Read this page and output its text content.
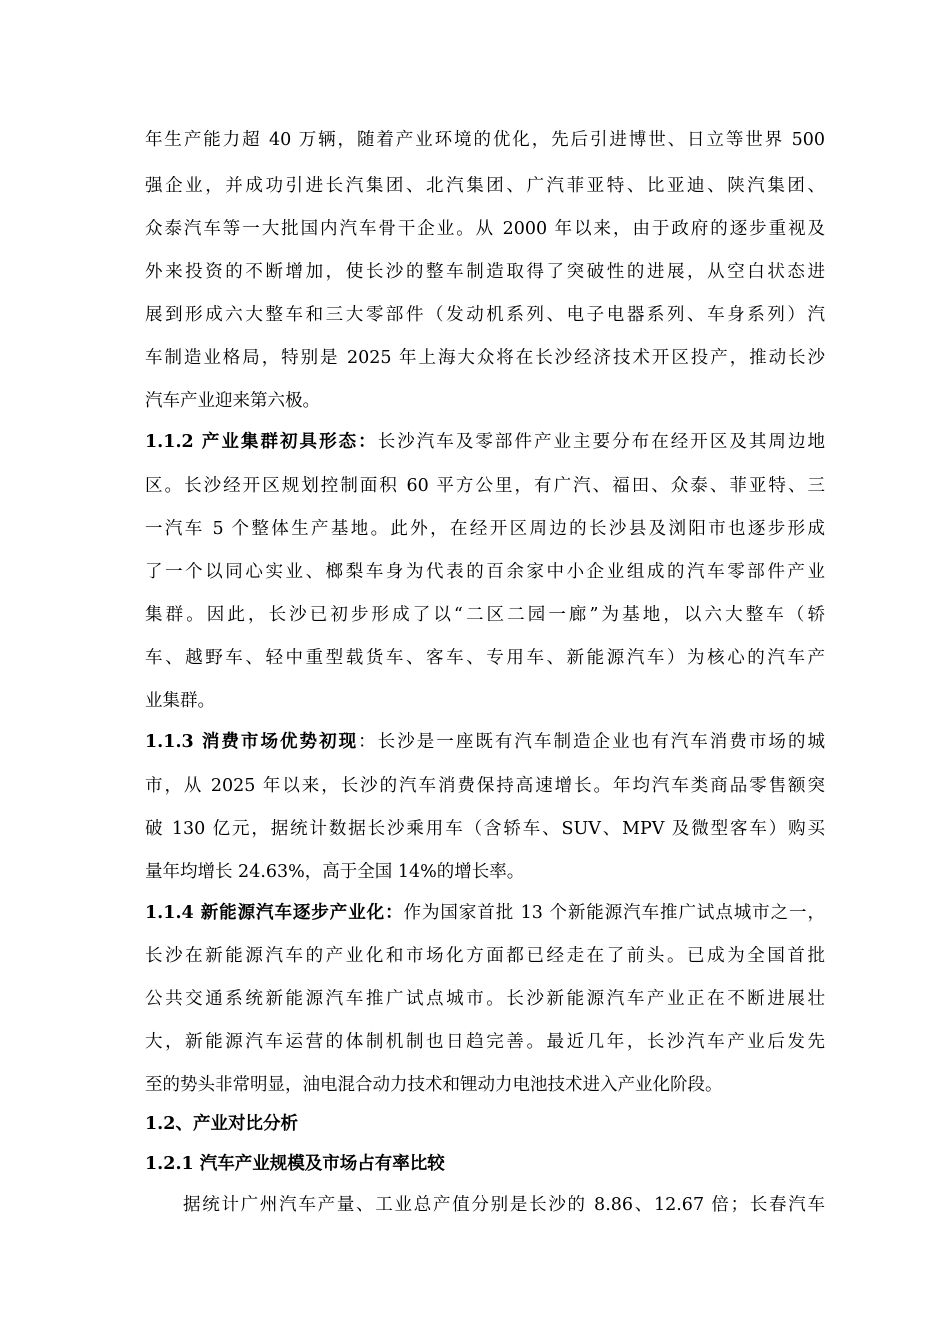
年生产能力超 40 万辆，随着产业环境的优化，先后引进博世、日立等世界 500
强企业，并成功引进长汽集团、北汽集团、广汽菲亚特、比亚迪、陕汽集团、
众泰汽车等一大批国内汽车骨干企业。从 2000 年以来，由于政府的逐步重视及
外来投资的不断增加，使长沙的整车制造取得了突破性的进展，从空白状态进
展到形成六大整车和三大零部件（发动机系列、电子电器系列、车身系列）汽
车制造业格局，特别是 2025 年上海大众将在长沙经济技术开区投产，推动长沙
汽车产业迎来第六极。
1.1.2 产业集群初具形态：长沙汽车及零部件产业主要分布在经开区及其周边地
区。长沙经开区规划控制面积 60 平方公里，有广汽、福田、众泰、菲亚特、三
一汽车 5 个整体生产基地。此外，在经开区周边的长沙县及浏阳市也逐步形成
了一个以同心实业、榔梨车身为代表的百余家中小企业组成的汽车零部件产业
集群。因此，长沙已初步形成了以“二区二园一廊”为基地，以六大整车（轿
车、越野车、轻中重型载货车、客车、专用车、新能源汽车）为核心的汽车产
业集群。
1.1.3 消费市场优势初现：长沙是一座既有汽车制造企业也有汽车消费市场的城
市，从 2025 年以来，长沙的汽车消费保持高速增长。年均汽车类商品零售额突
破 130 亿元，据统计数据长沙乘用车（含轿车、SUV、MPV 及微型客车）购买
量年均增长 24.63%，高于全国 14%的增长率。
1.1.4 新能源汽车逐步产业化：作为国家首批 13 个新能源汽车推广试点城市之一，
长沙在新能源汽车的产业化和市场化方面都已经走在了前头。已成为全国首批
公共交通系统新能源汽车推广试点城市。长沙新能源汽车产业正在不断进展壮
大，新能源汽车运营的体制机制也日趋完善。最近几年，长沙汽车产业后发先
至的势头非常明显，油电混合动力技术和锂动力电池技术进入产业化阶段。
1.2、产业对比分析
1.2.1 汽车产业规模及市场占有率比较
据统计广州汽车产量、工业总产值分别是长沙的 8.86、12.67 倍；长春汽车
